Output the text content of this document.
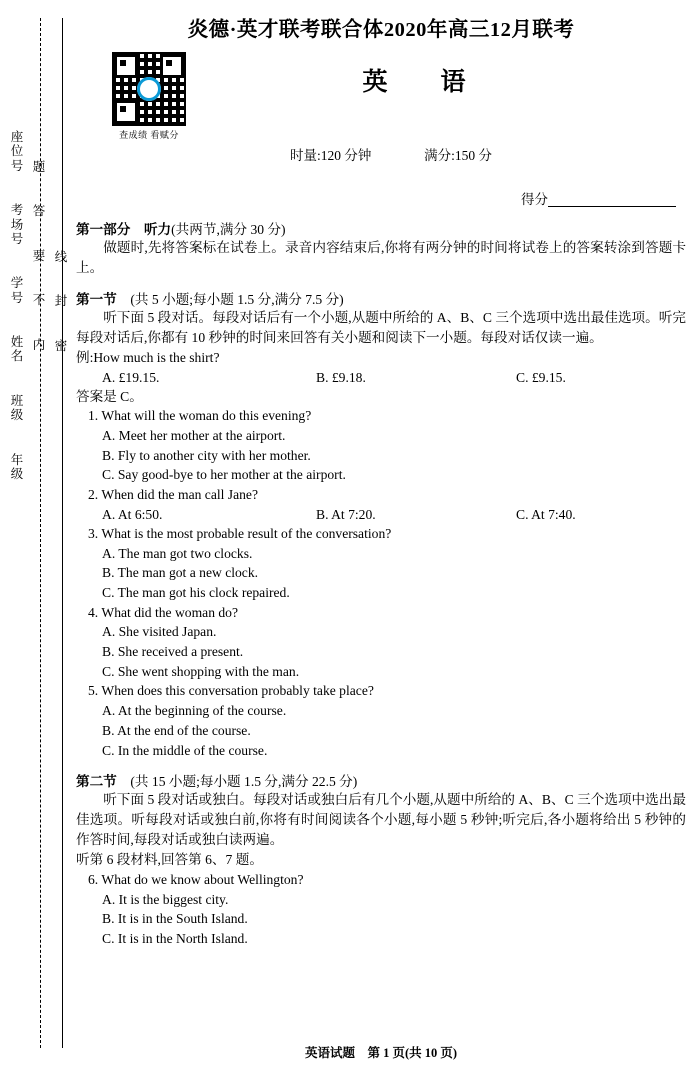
座位号
考场号
学号
姓名
班级
年级
题
答
要
不
内
线
封
密
炎德·英才联考联合体2020年高三12月联考
查成绩 看赋分
英　语
时量:120 分钟	满分:150 分
得分
第一部分　听力(共两节,满分 30 分)

做题时,先将答案标在试卷上。录音内容结束后,你将有两分钟的时间将试卷上的答案转涂到答题卡上。

第一节　 (共 5 小题;每小题 1.5 分,满分 7.5 分)

听下面 5 段对话。每段对话后有一个小题,从题中所给的 A、B、C 三个选项中选出最佳选项。听完每段对话后,你都有 10 秒钟的时间来回答有关小题和阅读下一小题。每段对话仅读一遍。

例:How much is the shirt?
A. £19.15.	B. £9.18.	C. £9.15.
答案是 C。
1. What will the woman do this evening?
A. Meet her mother at the airport.
B. Fly to another city with her mother.
C. Say good-bye to her mother at the airport.
2. When did the man call Jane?
A. At 6:50.	B. At 7:20.	C. At 7:40.
3. What is the most probable result of the conversation?
A. The man got two clocks.
B. The man got a new clock.
C. The man got his clock repaired.
4. What did the woman do?
A. She visited Japan.
B. She received a present.
C. She went shopping with the man.
5. When does this conversation probably take place?
A. At the beginning of the course.
B. At the end of the course.
C. In the middle of the course.
第二节　 (共 15 小题;每小题 1.5 分,满分 22.5 分)

听下面 5 段对话或独白。每段对话或独白后有几个小题,从题中所给的 A、B、C 三个选项中选出最佳选项。听每段对话或独白前,你将有时间阅读各个小题,每小题 5 秒钟;听完后,各小题将给出 5 秒钟的作答时间,每段对话或独白读两遍。

听第 6 段材料,回答第 6、7 题。
6. What do we know about Wellington?
A. It is the biggest city.
B. It is in the South Island.
C. It is in the North Island.
英语试题　第 1 页(共 10 页)
